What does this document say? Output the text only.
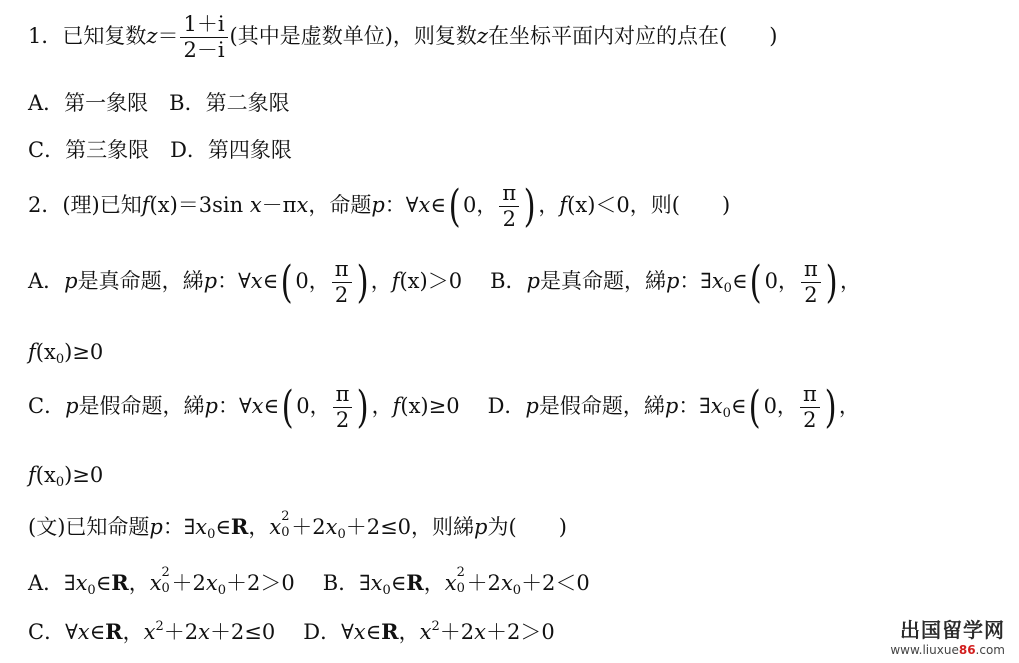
1．已知复数$z= \frac{1+i}{2-i}$ (其中是虚数单位)，则复数z在坐标平面内对应的点在(　　)
A．第一象限　B．第二象限
C．第三象限　D．第四象限
2．(理)已知f(x)＝3sin x－πx，命题p：∀x∈( 0， $\frac{\pi}{2}$ ) ，f(x)＜0，则(　　)
A．p是真命题，綈p：∀x∈( 0， $\frac{\pi}{2}$ ) ，f(x)＞0 B．p是真命题，綈p：$\exists x_0\in$( 0， $\frac{\pi}{2}$ ) ，
$f(x_0)\ge 0$
C．p是假命题，綈p：∀x∈( 0， $\frac{\pi}{2}$ ) ，f(x)≥0 D．p是假命题，綈p：$\exists x_0\in$( 0， $\frac{\pi}{2}$ ) ，
$f(x_0)\ge 0$
(文)已知命题p：$\exists x_0\in R$，x 2
$0 +2x_0+2\le 0$，则綈p为(　　)
A．$\exists x_0\in R$，x 2
$0 +2x_0+2>0$ B．$\exists x_0\in R$，x 2
$0 +2x_0+2<0$
C．∀x∈R，$x^2+2x+2\le 0$ D．∀x∈R，$x^2+2x+2>0$	出国留学网
www.liuxue86.com
